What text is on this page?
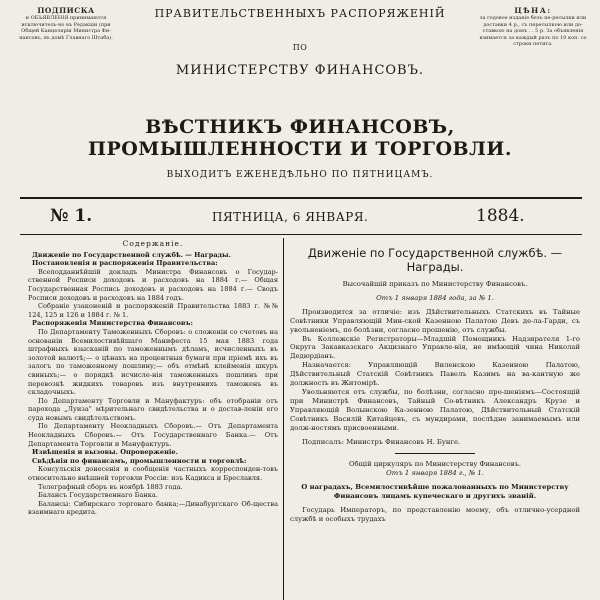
ПОДПИСКА
и ОБЪЯВЛЕНІЯ принимаются исключитель-но въ Редакціи (при Общей Канцеляріи Министра Фи-нансовъ, въ домѣ Главнаго Штаба).
ПРАВИТЕЛЬСТВЕННЫХЪ РАСПОРЯЖЕНІЙ
ПО
МИНИСТЕРСТВУ ФИНАНСОВЪ.
ЦѢНА:
за годовое изданіе безъ пе-ресылки или доставки 4 р., съ пересылкою или до-ставкою на домъ . . 5 р. За объявленія взимается за каждый разъ по 10 коп. со строки петита.
ВѢСТНИКЪ ФИНАНСОВЪ, ПРОМЫШЛЕННОСТИ И ТОРГОВЛИ.
ВЫХОДИТЪ ЕЖЕНЕДѢЛЬНО ПО ПЯТНИЦАМЪ.
№ 1.	ПЯТНИЦА, 6 ЯНВАРЯ.	1884.

Содержаніе.

Движеніе по Государственной службѣ. — Награды.

Постановленія и распоряженія Правительства:

Всеподданнѣйшій докладъ Министра Финансовъ о Государ-ственной Росписи доходовъ и расходовъ на 1884 г.— Общая Государственная Роспись доходовъ и расходовъ на 1884 г.— Сводъ Росписи доходовъ и расходовъ на 1884 годъ.

Собраніе узаконеній и распоряженій Правительства 1883 г. №№ 124, 125 и 126 и 1884 г. № 1.

Распоряженія Министерства Финансовъ:

По Департаменту Таможенныхъ Сборовъ: о сложеніи со счетовъ на основаніи Всемилостивѣйшаго Манифеста 15 мая 1883 года штрафныхъ взысканій по таможеннымъ дѣламъ, исчисленныхъ въ золотой валютѣ;— о цѣнахъ на процентныя бумаги при пріемѣ ихъ въ залогъ по таможенному пошлину;— объ отмѣнѣ клейменія шкуръ свиныхъ;— о порядкѣ исчисле-нія таможенныхъ пошлинъ при перевозкѣ жидкихъ товаровъ изъ внутреннихъ таможенъ въ складочныхъ.

По Департаменту Торговли и Мануфактуръ: объ отобраніи отъ парохода „Луиза" мѣрительнаго свидѣтельства и о достав-леніи его суда новымъ свидѣтельствомъ.

По Департаменту Неокладныхъ Сборовъ.— Отъ Департамента Неокладныхъ Сборовъ.— Отъ Государственнаго Банка.— Отъ Департамента Торговли и Мануфактуръ.

Извѣщенія и вызовы. Опроверженіе.

Свѣдѣнія по финансамъ, промышленности и торговлѣ:

Консульскія донесенія и сообщенія частныхъ корреспонден-товъ относительно внѣшней торговли Россіи: изъ Кадикса и Бреславля.

Телеграфный сборъ въ ноябрѣ 1883 года.

Балансъ Государственнаго Банка.

Балансы: Сибирскаго торговаго банка;—Динабургскаго Об-щества взаимнаго кредита.

Движеніе по Государственной службѣ. — Награды.

Высочайшій приказъ по Министерству Финансовъ.

Отъ 1 января 1884 года, за № 1.

Производится за отличіе: изъ Дѣйствительныхъ Статскихъ въ Тайные Совѣтники Управляющій Мин-ской Казенною Палатою Девъ де-ла-Гарди, съ увольненіемъ, по болѣзни, согласно прошенію, отъ службы.

Въ Коллежскіе Регистраторы—Младшій Помощникъ Надзирателя 1-го Округа Закавказскаго Акцизнаго Управле-нія, не имѣющій чина Николай Дедюрдіанъ.

Назначается: Управляющій Виленскою Казенною Палатою, Дѣйствительный Статскій Совѣтникъ Павелъ Казимъ на ва-кантную же должность въ Житомірѣ.

Увольняются отъ службы, по болѣзни, согласно про-шеніямъ—Состоящій при Министрѣ Финансовъ, Тайный Со-вѣтникъ Александръ Крузе и Управляющій Волынскою Ка-зенною Палатою, Дѣйствительный Статскій Совѣтникъ Василій Китайцевъ, съ мундирами, послѣдне занимаемымъ или долж-ностямъ присвоенными.

Подписалъ: Министръ Финансовъ Н. Бунге.

Общій циркуляръ по Министерству Финансовъ.

Отъ 1 января 1884 г., № 1.

О наградахъ, Всемилостивѣйше пожалованныхъ по Министерству Финансовъ лицамъ купеческаго и другихъ званій.

Государь Императоръ, по представленію моему, объ отлично-усердной службѣ и особыхъ трудахъ
